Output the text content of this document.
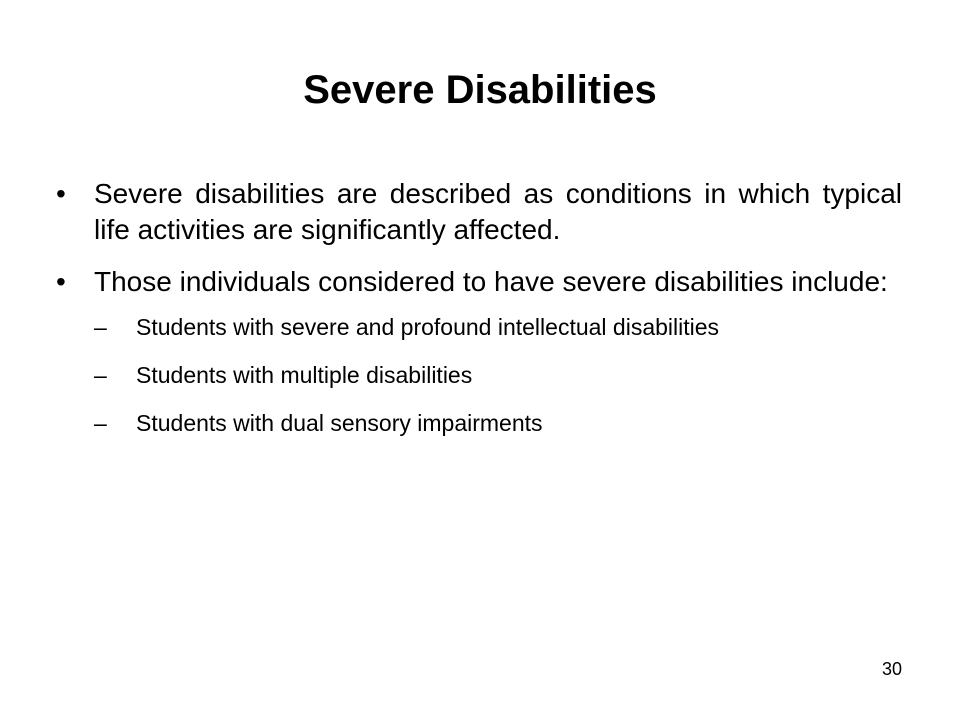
Severe Disabilities
•	Severe disabilities are described as conditions in which typical life activities are significantly affected.
•	Those individuals considered to have severe disabilities include:
–	Students with severe and profound intellectual disabilities
–	Students with multiple disabilities
–	Students with dual sensory impairments
30
